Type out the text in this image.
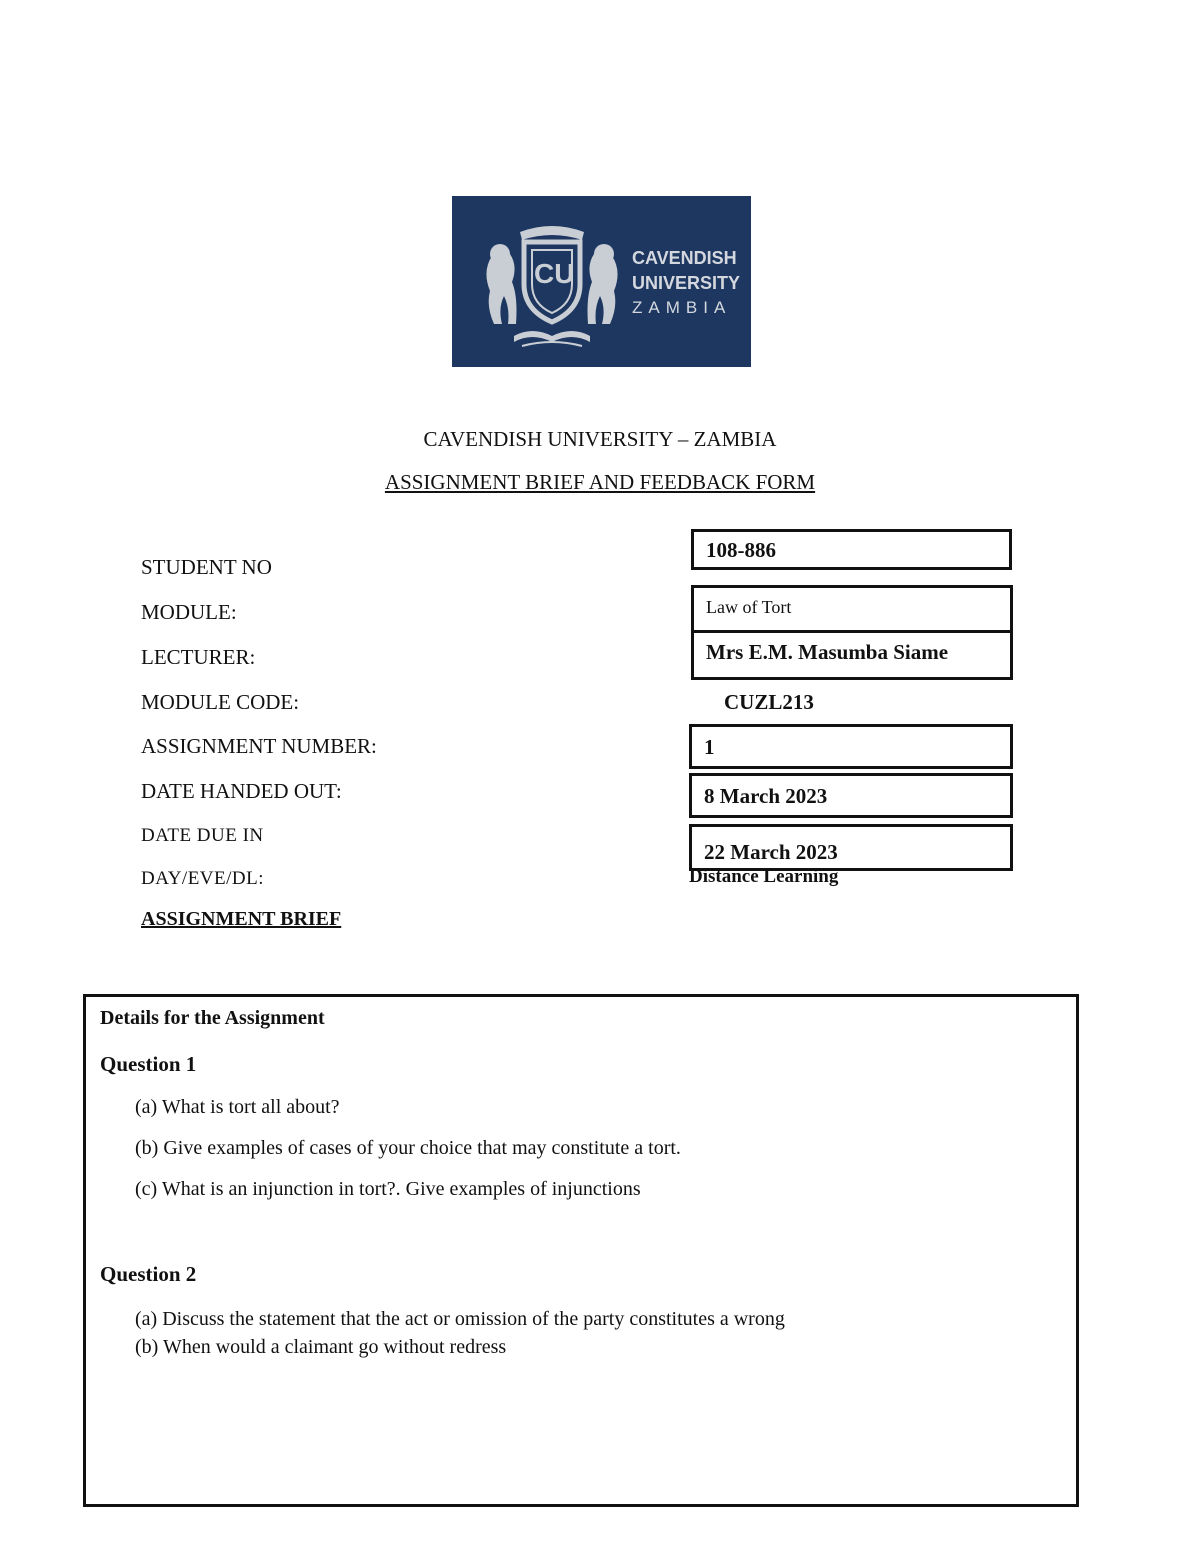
CU	CAVENDISH
UNIVERSITY
ZAMBIA
CAVENDISH UNIVERSITY – ZAMBIA
ASSIGNMENT BRIEF AND FEEDBACK FORM
STUDENT NO
MODULE:
LECTURER:
MODULE CODE:
ASSIGNMENT NUMBER:
DATE HANDED OUT:
DATE DUE IN
DAY/EVE/DL:
108-886
Law of Tort
Mrs E.M. Masumba Siame
CUZL213
1
8 March 2023
22 March 2023
Distance Learning
ASSIGNMENT BRIEF
Details for the Assignment
Question 1
(a) What is tort all about?
(b) Give examples of cases of your choice that may constitute a tort.
(c) What is an injunction in tort?. Give examples of injunctions
Question 2
(a) Discuss the statement that the act or omission of the party constitutes a wrong
(b) When would a claimant go without redress
